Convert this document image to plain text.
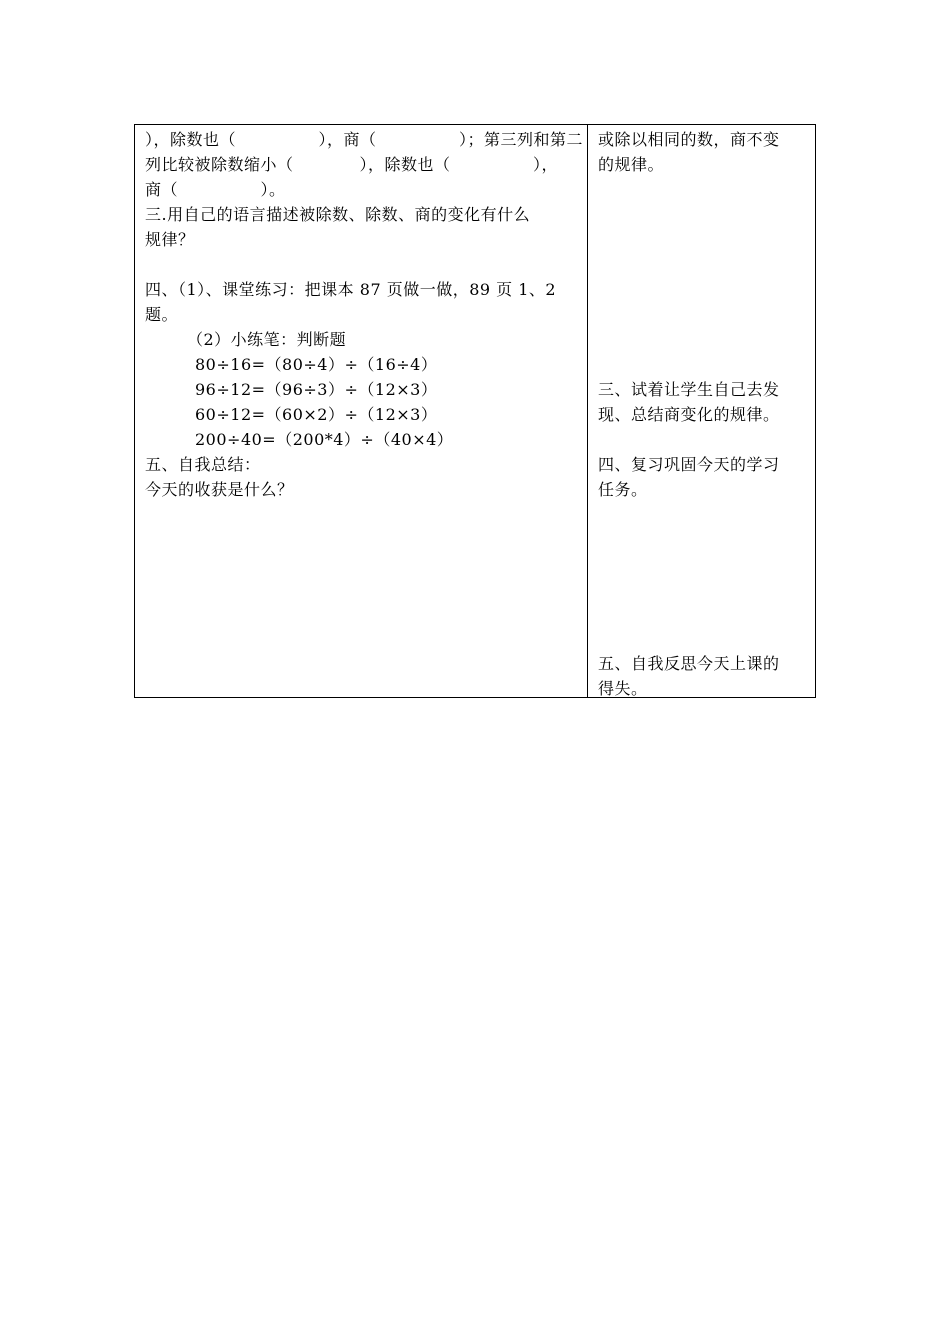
），除数也（　　　　　），商（　　　　　）；第三列和第二
列比较被除数缩小（　　　　），除数也（　　　　　），
商（　　　　　）。
三.用自己的语言描述被除数、除数、商的变化有什么
规律？
四、（1）、课堂练习：把课本 87 页做一做，89 页 1、2
题。
（2）小练笔：判断题
80÷16=（80÷4）÷（16÷4）
96÷12=（96÷3）÷（12×3）
60÷12=（60×2）÷（12×3）
200÷40=（200*4）÷（40×4）
五、自我总结：
今天的收获是什么？
或除以相同的数，商不变
的规律。
三、试着让学生自己去发
现、总结商变化的规律。
四、复习巩固今天的学习
任务。
五、自我反思今天上课的
得失。
